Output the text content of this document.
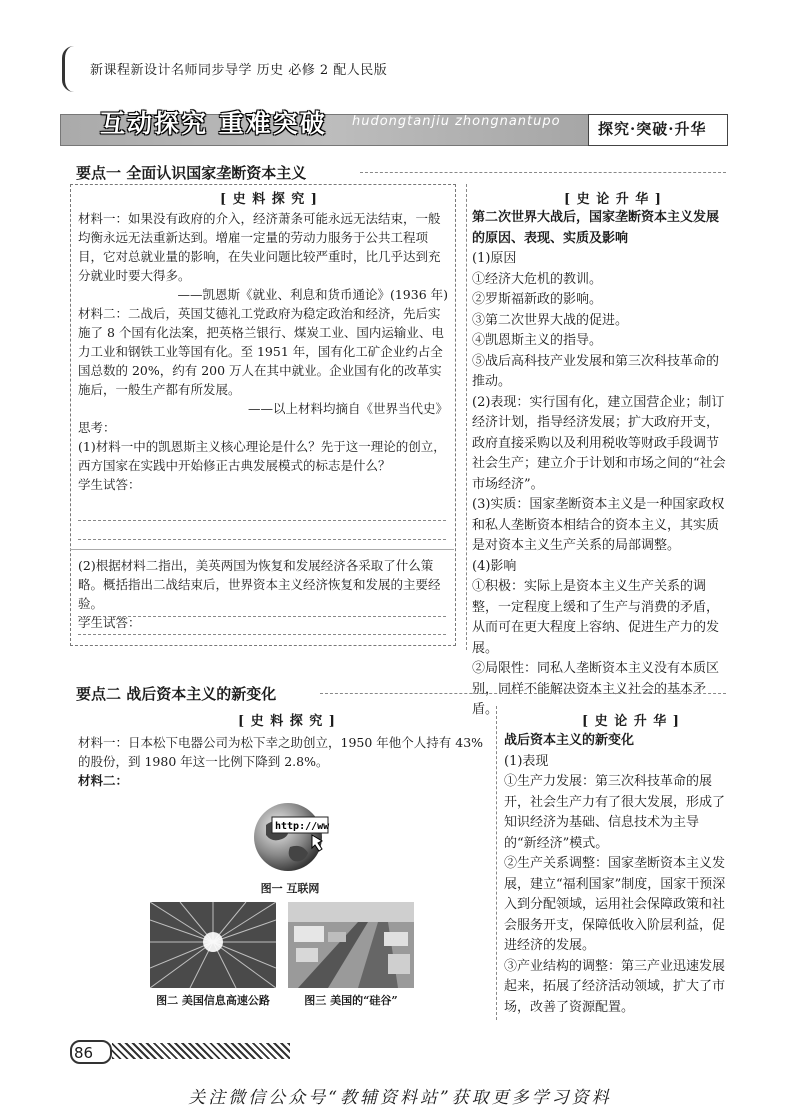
新课程新设计名师同步导学 历史 必修 2 配人民版
互动探究 重难突破 hudongtanjiu zhongnantupo 探究·突破·升华
要点一 全面认识国家垄断资本主义
[ 史 料 探 究 ]

材料一：如果没有政府的介入，经济萧条可能永远无法结束，一般均衡永远无法重新达到。增雇一定量的劳动力服务于公共工程项目，它对总就业量的影响，在失业问题比较严重时，比几乎达到充分就业时要大得多。

——凯恩斯《就业、利息和货币通论》(1936 年)

材料二：二战后，英国艾德礼工党政府为稳定政治和经济，先后实施了 8 个国有化法案，把英格兰银行、煤炭工业、国内运输业、电力工业和钢铁工业等国有化。至 1951 年，国有化工矿企业约占全国总数的 20%，约有 200 万人在其中就业。企业国有化的改革实施后，一般生产都有所发展。

——以上材料均摘自《世界当代史》

思考：

(1)材料一中的凯恩斯主义核心理论是什么？先于这一理论的创立，西方国家在实践中开始修正古典发展模式的标志是什么？

学生试答：

(2)根据材料二指出，美英两国为恢复和发展经济各采取了什么策略。概括指出二战结束后，世界资本主义经济恢复和发展的主要经验。

学生试答：

[ 史 论 升 华 ]

第二次世界大战后，国家垄断资本主义发展的原因、表现、实质及影响

(1)原因

①经济大危机的教训。

②罗斯福新政的影响。

③第二次世界大战的促进。

④凯恩斯主义的指导。

⑤战后高科技产业发展和第三次科技革命的推动。

(2)表现：实行国有化，建立国营企业；制订经济计划，指导经济发展；扩大政府开支，政府直接采购以及利用税收等财政手段调节社会生产；建立介于计划和市场之间的“社会市场经济”。

(3)实质：国家垄断资本主义是一种国家政权和私人垄断资本相结合的资本主义，其实质是对资本主义生产关系的局部调整。

(4)影响

①积极：实际上是资本主义生产关系的调整，一定程度上缓和了生产与消费的矛盾，从而可在更大程度上容纳、促进生产力的发展。

②局限性：同私人垄断资本主义没有本质区别，同样不能解决资本主义社会的基本矛盾。

要点二 战后资本主义的新变化
[ 史 料 探 究 ]

材料一：日本松下电器公司为松下幸之助创立，1950 年他个人持有 43% 的股份，到 1980 年这一比例下降到 2.8%。

材料二：

http://ww
图一 互联网
图二 美国信息高速公路	图三 美国的“硅谷”
[ 史 论 升 华 ]

战后资本主义的新变化

(1)表现

①生产力发展：第三次科技革命的展开，社会生产力有了很大发展，形成了知识经济为基础、信息技术为主导的“新经济”模式。

②生产关系调整：国家垄断资本主义发展，建立“福利国家”制度，国家干预深入到分配领域，运用社会保障政策和社会服务开支，保障低收入阶层利益，促进经济的发展。

③产业结构的调整：第三产业迅速发展起来，拓展了经济活动领域，扩大了市场，改善了资源配置。

86
关注微信公众号“教辅资料站”获取更多学习资料
